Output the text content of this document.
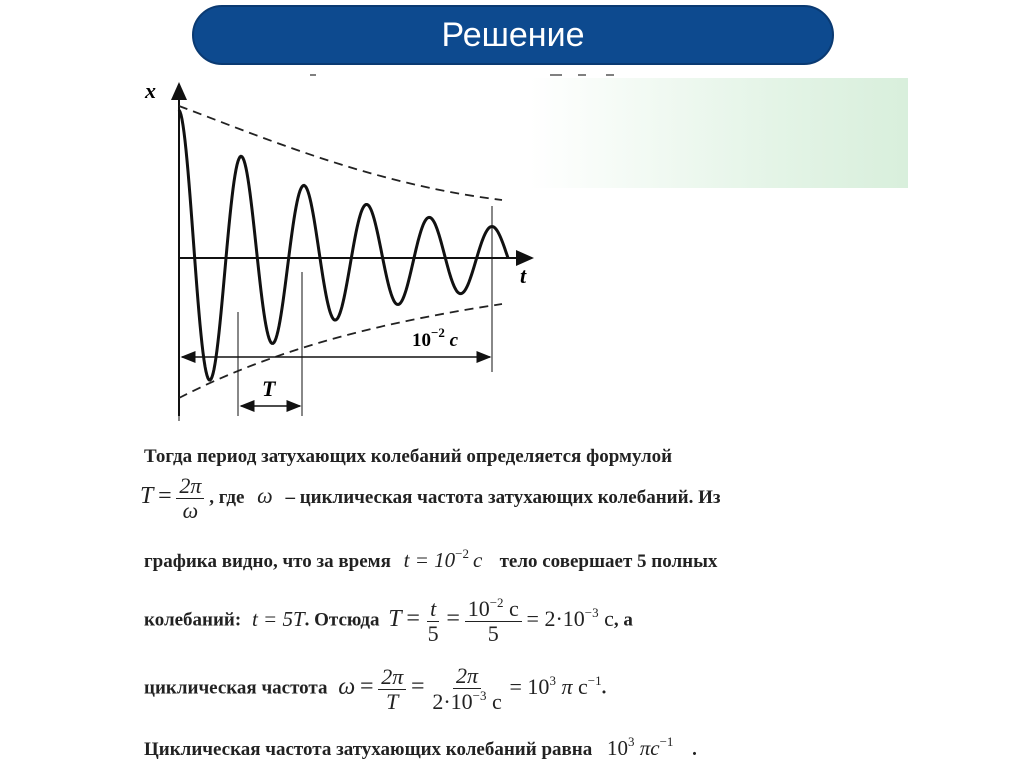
Решение
x
t
$10^{-2}$ с
T
Тогда период затухающих колебаний определяется формулой
$T = \frac{2\pi}{\omega}$ , где ω – циклическая частота затухающих колебаний. Из
графика видно, что за время $t = 10^{-2}$ c тело совершает 5 полных
колебаний: t = 5T. Отсюда $T = \frac{t}{5} = \frac{10^{-2} с}{5} = 2\cdot 10^{-3}$ с, а
циклическая частота $\omega = \frac{2\pi}{T} = \frac{2\pi}{2\cdot 10^{-3} с} = 10^3$ π $с^{-1}$.
Циклическая частота затухающих колебаний равна $10^3$ $\pi с^{-1}$ .
